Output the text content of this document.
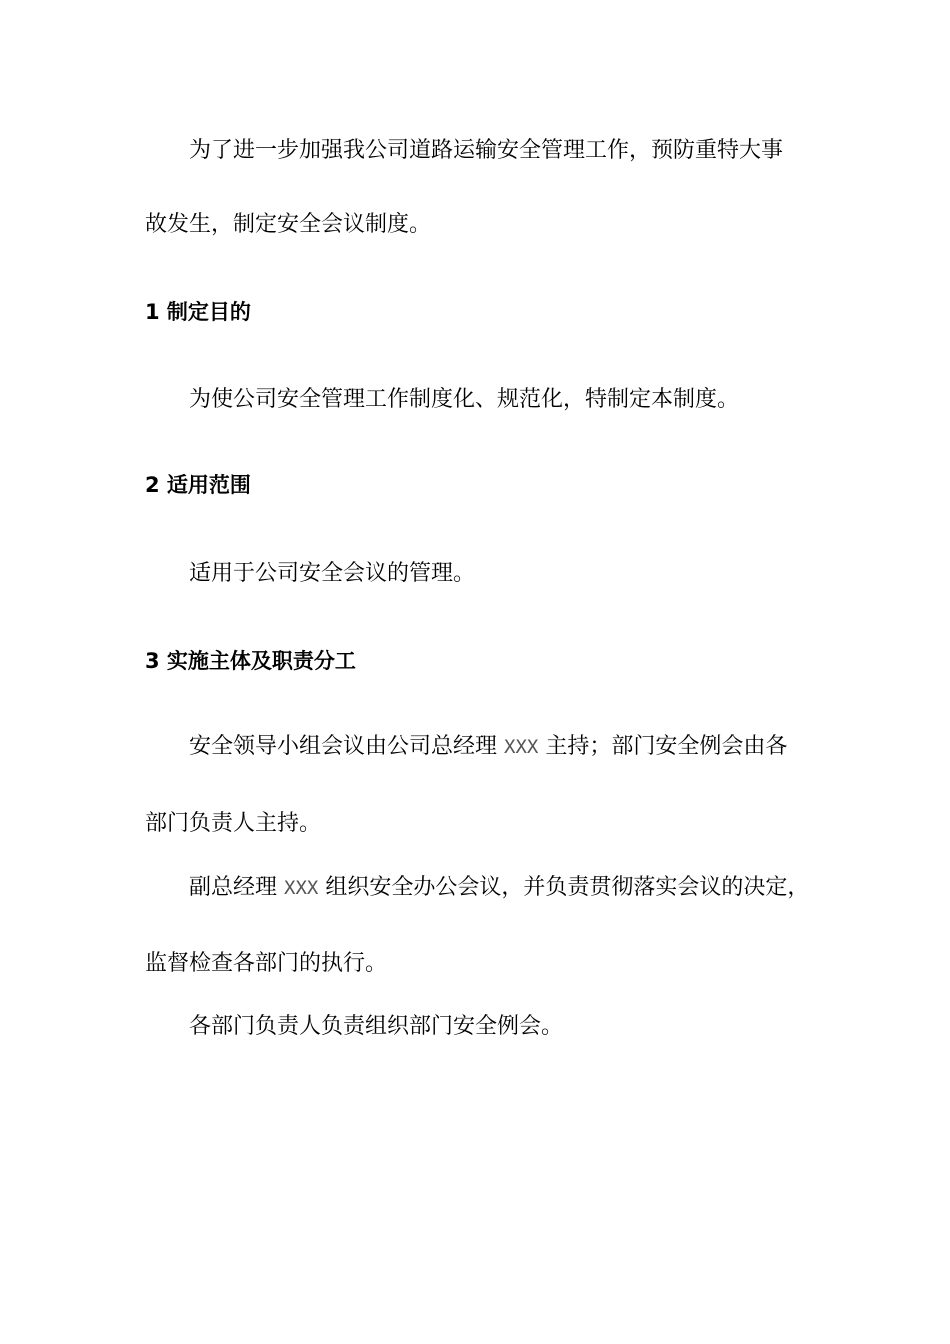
为了进一步加强我公司道路运输安全管理工作，预防重特大事
故发生，制定安全会议制度。
1 制定目的
为使公司安全管理工作制度化、规范化，特制定本制度。
2 适用范围
适用于公司安全会议的管理。
3 实施主体及职责分工
安全领导小组会议由公司总经理 XXX 主持；部门安全例会由各
部门负责人主持。
副总经理 XXX 组织安全办公会议，并负责贯彻落实会议的决定，
监督检查各部门的执行。
各部门负责人负责组织部门安全例会。
